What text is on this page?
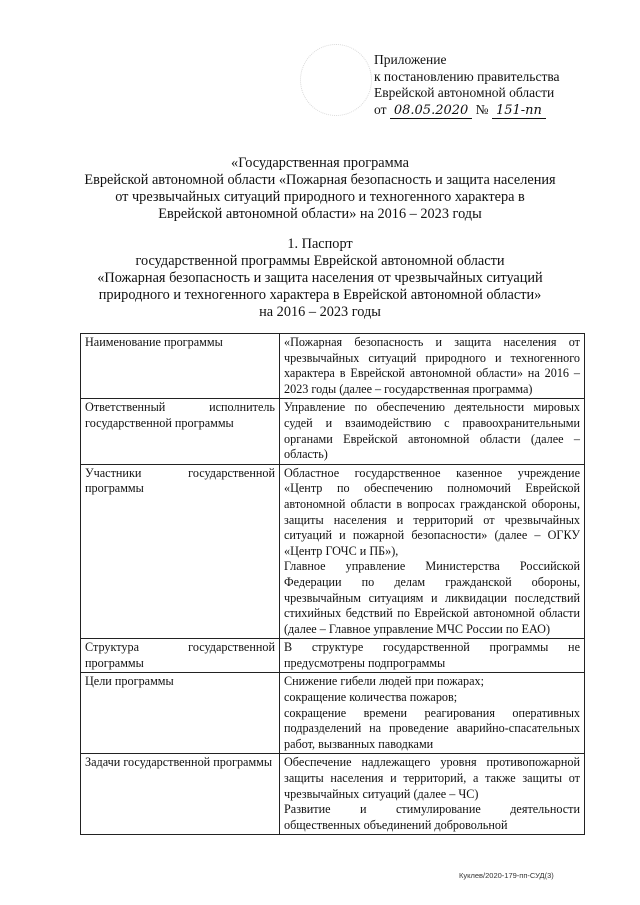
Приложение
к постановлению правительства
Еврейской автономной области
от 08.05.2020 № 151-пп
«Государственная программа
Еврейской автономной области «Пожарная безопасность и защита населения
от чрезвычайных ситуаций природного и техногенного характера в
Еврейской автономной области» на 2016 – 2023 годы
1. Паспорт
государственной программы Еврейской автономной области
«Пожарная безопасность и защита населения от чрезвычайных ситуаций
природного и техногенного характера в Еврейской автономной области»
на 2016 – 2023 годы
Наименование программы	«Пожарная безопасность и защита населения от чрезвычайных ситуаций природного и техногенного характера в Еврейской автономной области» на 2016 – 2023 годы (далее – государственная программа)

Ответственный исполнитель государственной программы	Управление по обеспечению деятельности мировых судей и взаимодействию с правоохранительными органами Еврейской автономной области (далее – область)

Участники государственной программы	Областное государственное казенное учреждение «Центр по обеспечению полномочий Еврейской автономной области в вопросах гражданской обороны, защиты населения и территорий от чрезвычайных ситуаций и пожарной безопасности» (далее – ОГКУ «Центр ГОЧС и ПБ»),

Главное управление Министерства Российской Федерации по делам гражданской обороны, чрезвычайным ситуациям и ликвидации последствий стихийных бедствий по Еврейской автономной области (далее – Главное управление МЧС России по ЕАО)

Структура государственной программы	В структуре государственной программы не предусмотрены подпрограммы

Цели программы	Снижение гибели людей при пожарах;

сокращение количества пожаров;

сокращение времени реагирования оперативных подразделений на проведение аварийно-спасательных работ, вызванных паводками

Задачи государственной программы	Обеспечение надлежащего уровня противопожарной защиты населения и территорий, а также защиты от чрезвычайных ситуаций (далее – ЧС)

Развитие и стимулирование деятельности общественных объединений добровольной

Куклев/2020-179-пп-СУД(3)
